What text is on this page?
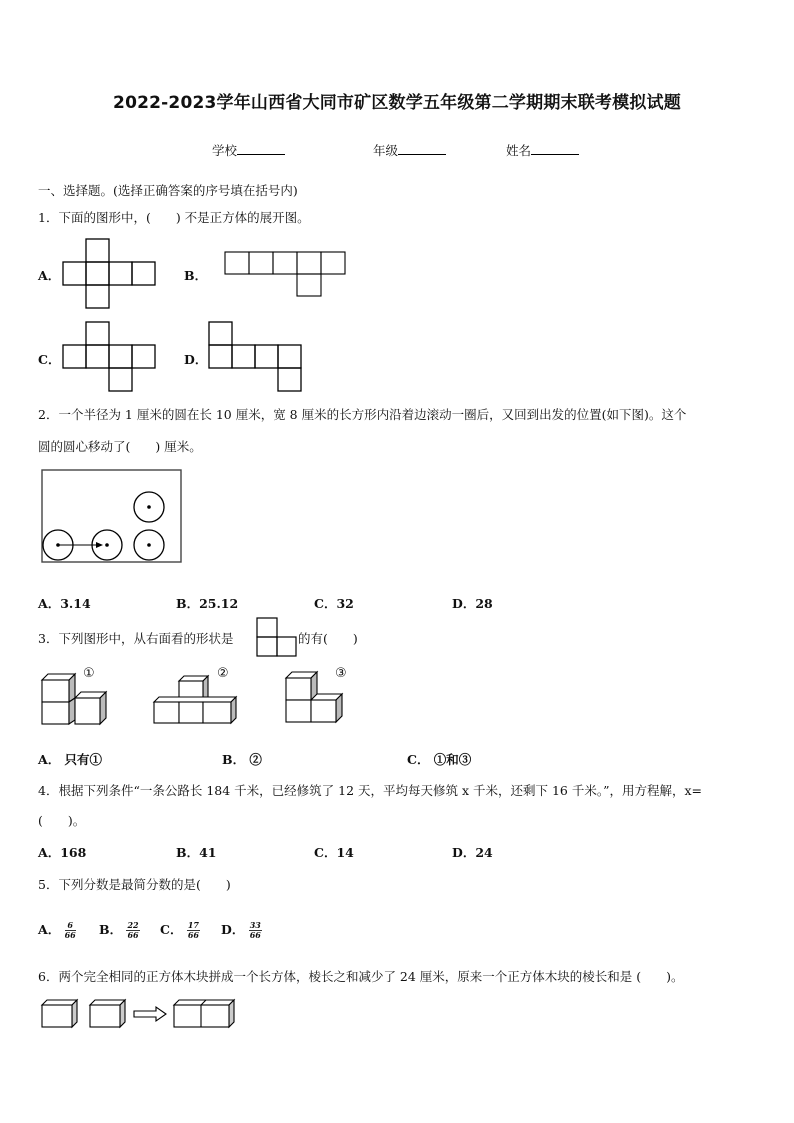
2022-2023学年山西省大同市矿区数学五年级第二学期期末联考模拟试题
学校	年级	姓名
一、选择题。(选择正确答案的序号填在括号内)
1．下面的图形中，(　　) 不是正方体的展开图。
A．	B．
C．	D．
2．一个半径为 1 厘米的圆在长 10 厘米，宽 8 厘米的长方形内沿着边滚动一圈后，又回到出发的位置(如下图)。这个
圆的圆心移动了(　　) 厘米。
A．3.14	B．25.12	C．32	D．28
3．下列图形中，从右面看的形状是	的有(　　)
①	②	③
A． 只有①	B． ②	C． ①和③
4．根据下列条件“一条公路长 184 千米，已经修筑了 12 天，平均每天修筑 x 千米，还剩下 16 千米。”，用方程解，x=
(　　)。
A．168	B．41	C．14	D．24
5．下列分数是最简分数的是(　　)
A． $\frac{6}{66}$ B． $\frac{22}{66}$ C． $\frac{17}{66}$ D． $\frac{33}{66}$
6．两个完全相同的正方体木块拼成一个长方体，棱长之和减少了 24 厘米，原来一个正方体木块的棱长和是 (　　)。
